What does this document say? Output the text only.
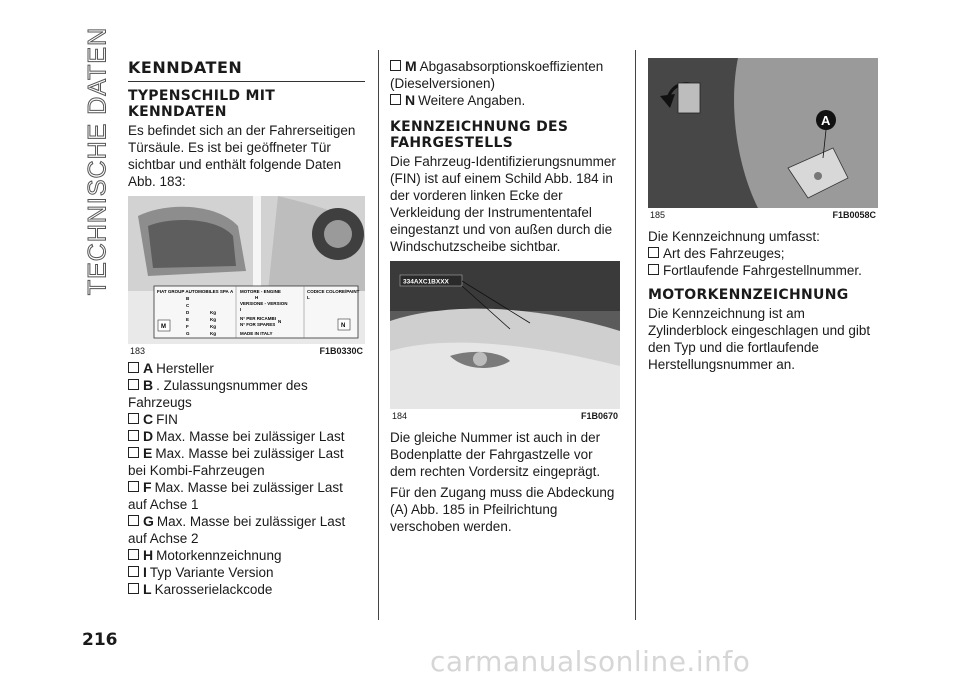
TECHNISCHE DATEN KENNDATEN
TYPENSCHILD MIT KENNDATEN

Es befindet sich an der Fahrerseitigen Türsäule. Es ist bei geöffneter Tür sichtbar und enthält folgende Daten Abb. 183:

FIAT GROUP AUTOMOBILES SPA A
B
C
D
E
F
G
Kg
Kg
Kg
Kg
MOTORE - ENGINE
H
VERSIONE - VERSION
I
N° PER RICAMBI
N
N° FOR SPARES
MADE IN ITALY
CODICE COLORE/PAINT
L
M	N
183	F1B0330C
A Hersteller
B . Zulassungsnummer des Fahrzeugs
C FIN
D Max. Masse bei zulässiger Last
E Max. Masse bei zulässiger Last bei Kombi-Fahrzeugen
F Max. Masse bei zulässiger Last auf Achse 1
G Max. Masse bei zulässiger Last auf Achse 2
H Motorkennzeichnung
I Typ Variante Version
L Karosserielackcode
M Abgasabsorptionskoeffizienten (Dieselversionen)
N Weitere Angaben.
KENNZEICHNUNG DES FAHRGESTELLS

Die Fahrzeug-Identifizierungsnummer (FIN) ist auf einem Schild Abb. 184 in der vorderen linken Ecke der Verkleidung der Instrumententafel eingestanzt und von außen durch die Windschutzscheibe sichtbar.

334AXC1BXXX
184	F1B0670

Die gleiche Nummer ist auch in der Bodenplatte der Fahrgastzelle vor dem rechten Vordersitz eingeprägt.

Für den Zugang muss die Abdeckung (A) Abb. 185 in Pfeilrichtung verschoben werden.

A
185	F1B0058C

Die Kennzeichnung umfasst:

Art des Fahrzeuges;
Fortlaufende Fahrgestellnummer.
MOTORKENNZEICHNUNG

Die Kennzeichnung ist am Zylinderblock eingeschlagen und gibt den Typ und die fortlaufende Herstellungsnummer an.

216
carmanualsonline.info
